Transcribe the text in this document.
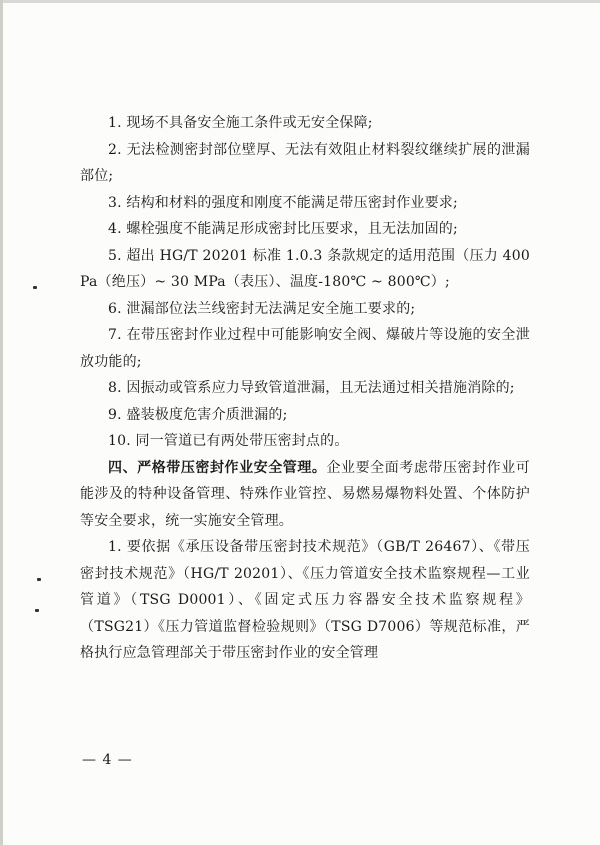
1. 现场不具备安全施工条件或无安全保障;

2. 无法检测密封部位壁厚、无法有效阻止材料裂纹继续扩展的泄漏部位;

3. 结构和材料的强度和刚度不能满足带压密封作业要求;

4. 螺栓强度不能满足形成密封比压要求，且无法加固的;

5. 超出 HG/T 20201 标准 1.0.3 条款规定的适用范围（压力 400 Pa（绝压）~ 30 MPa（表压）、温度-180℃ ~ 800℃）;

6. 泄漏部位法兰线密封无法满足安全施工要求的;

7. 在带压密封作业过程中可能影响安全阀、爆破片等设施的安全泄放功能的;

8. 因振动或管系应力导致管道泄漏，且无法通过相关措施消除的;

9. 盛装极度危害介质泄漏的;

10. 同一管道已有两处带压密封点的。

四、严格带压密封作业安全管理。企业要全面考虑带压密封作业可能涉及的特种设备管理、特殊作业管控、易燃易爆物料处置、个体防护等安全要求，统一实施安全管理。

1. 要依据《承压设备带压密封技术规范》（GB/T 26467）、《带压密封技术规范》（HG/T 20201）、《压力管道安全技术监察规程—工业管道》（TSG D0001）、《固定式压力容器安全技术监察规程》（TSG21）《压力管道监督检验规则》（TSG D7006）等规范标准，严格执行应急管理部关于带压密封作业的安全管理

— 4 —
